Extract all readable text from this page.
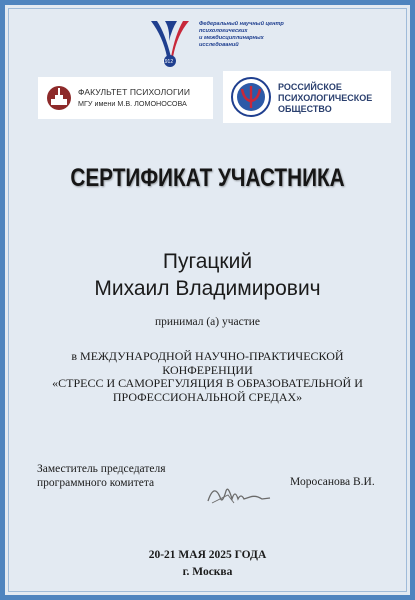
1912
Федеральный научный центр
психологических
и междисциплинарных
исследований
ФАКУЛЬТЕТ ПСИХОЛОГИИ
МГУ имени М.В. ЛОМОНОСОВА
РОССИЙСКОЕ
ПСИХОЛОГИЧЕСКОЕ
ОБЩЕСТВО
СЕРТИФИКАТ УЧАСТНИКА
Пугацкий
Михаил Владимирович
принимал (а) участие
в МЕЖДУНАРОДНОЙ НАУЧНО-ПРАКТИЧЕСКОЙ
КОНФЕРЕНЦИИ
«СТРЕСС И САМОРЕГУЛЯЦИЯ В ОБРАЗОВАТЕЛЬНОЙ И
ПРОФЕССИОНАЛЬНОЙ СРЕДАХ»
Заместитель председателя
программного комитета	Моросанова В.И.
20-21 МАЯ 2025 ГОДА
г. Москва
